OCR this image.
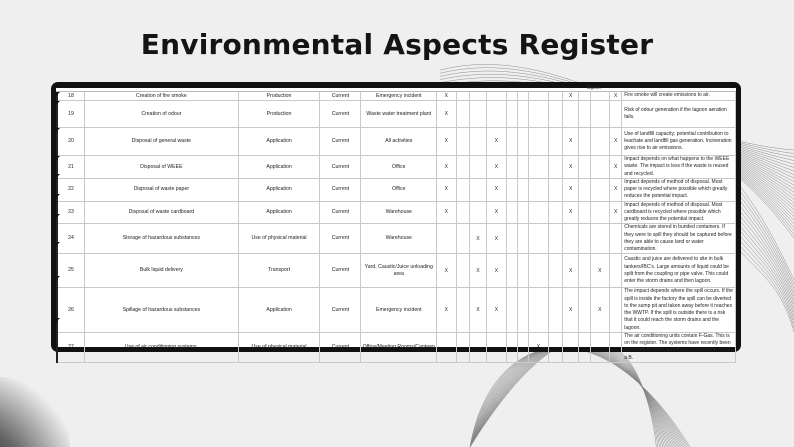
Environmental Aspects Register
lagoon.
18	Creation of fire smoke	Production	Current	Emergency incident	X								X			X	Fire smoke will create emissions to air.
19	Creation of odour	Production	Current	Waste water treatment plant	X												Risk of odour generation if the lagoon aeration fails.
20	Disposal of general waste	Application	Current	All activities	X			X					X			X	Use of landfill capacity; potential contribution to leachate and landfill gas generation. Incineration gives rise to air emissions.
21	Disposal of WEEE	Application	Current	Office	X			X					X			X	Impact depends on what happens to the WEEE waste. The impact is less if the waste is reused and recycled.
22	Disposal of waste paper	Application	Current	Office	X			X					X			X	Impact depends of method of disposal. Most paper is recycled where possible which greatly reduces the potential impact.
23	Disposal of waste cardboard	Application	Current	Warehouse	X			X					X			X	Impact depends of method of disposal. Most cardboard is recycled where possible which greatly reduces the potential impact.
24	Storage of hazardous substances	Use of physical material	Current	Warehouse			X	X									Chemicals are stored in bunded containers. If they were to spill they should be captured before they are able to cause land or water contamination.
25	Bulk liquid delivery	Transport	Current	Yard, Caustic/Juice unloading area	X		X	X					X		X		Caustic and juice are delivered to site in bulk tankers/IBC's. Large amounts of liquid could be spilt from the coupling or pipe valve. This could enter the storm drains and then lagoon.
26	Spillage of hazardous substances	Application	Current	Emergency incident	X		X	X					X		X		The impact depends where the spill occurs. If the spill is inside the factory the spill can be diverted to the sump pit and taken away before it reaches the WWTP. If the spill is outside there is a risk that it could reach the storm drains and the lagoon.
27	Use of air conditioning systems.	Use of physical material	Current	Office/Meeting Rooms/Canteen							X						The air conditioning units contain F-Gas. This is on the register. The systems have recently been assessed for their performance and came out at a B.
